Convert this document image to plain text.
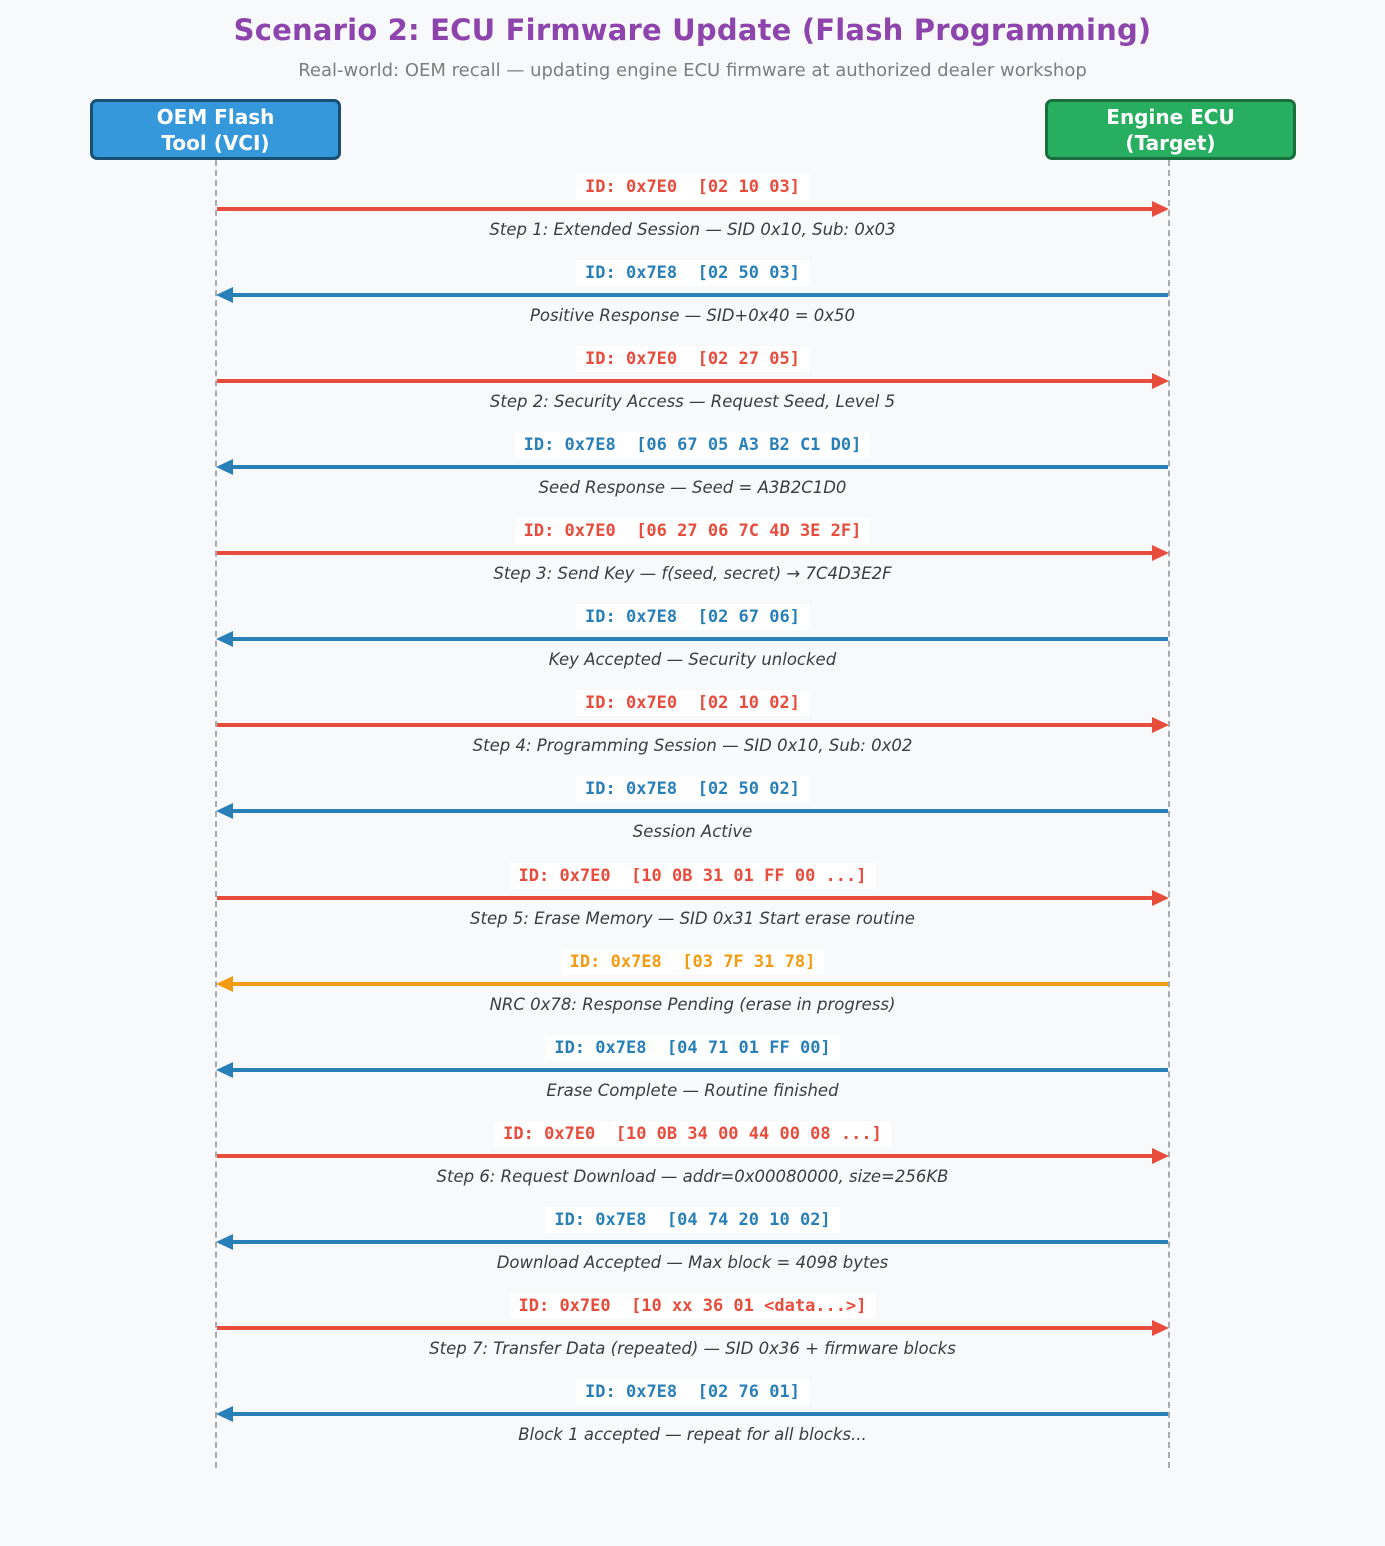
Scenario 2: ECU Firmware Update (Flash Programming)
Real-world: OEM recall — updating engine ECU firmware at authorized dealer workshop
OEM Flash
Tool (VCI)
Engine ECU
(Target)
ID: 0x7E0  [02 10 03]
Step 1: Extended Session — SID 0x10, Sub: 0x03
ID: 0x7E8  [02 50 03]
Positive Response — SID+0x40 = 0x50
ID: 0x7E0  [02 27 05]
Step 2: Security Access — Request Seed, Level 5
ID: 0x7E8  [06 67 05 A3 B2 C1 D0]
Seed Response — Seed = A3B2C1D0
ID: 0x7E0  [06 27 06 7C 4D 3E 2F]
Step 3: Send Key — f(seed, secret) → 7C4D3E2F
ID: 0x7E8  [02 67 06]
Key Accepted — Security unlocked
ID: 0x7E0  [02 10 02]
Step 4: Programming Session — SID 0x10, Sub: 0x02
ID: 0x7E8  [02 50 02]
Session Active
ID: 0x7E0  [10 0B 31 01 FF 00 ...]
Step 5: Erase Memory — SID 0x31 Start erase routine
ID: 0x7E8  [03 7F 31 78]
NRC 0x78: Response Pending (erase in progress)
ID: 0x7E8  [04 71 01 FF 00]
Erase Complete — Routine finished
ID: 0x7E0  [10 0B 34 00 44 00 08 ...]
Step 6: Request Download — addr=0x00080000, size=256KB
ID: 0x7E8  [04 74 20 10 02]
Download Accepted — Max block = 4098 bytes
ID: 0x7E0  [10 xx 36 01 <data...>]
Step 7: Transfer Data (repeated) — SID 0x36 + firmware blocks
ID: 0x7E8  [02 76 01]
Block 1 accepted — repeat for all blocks...
